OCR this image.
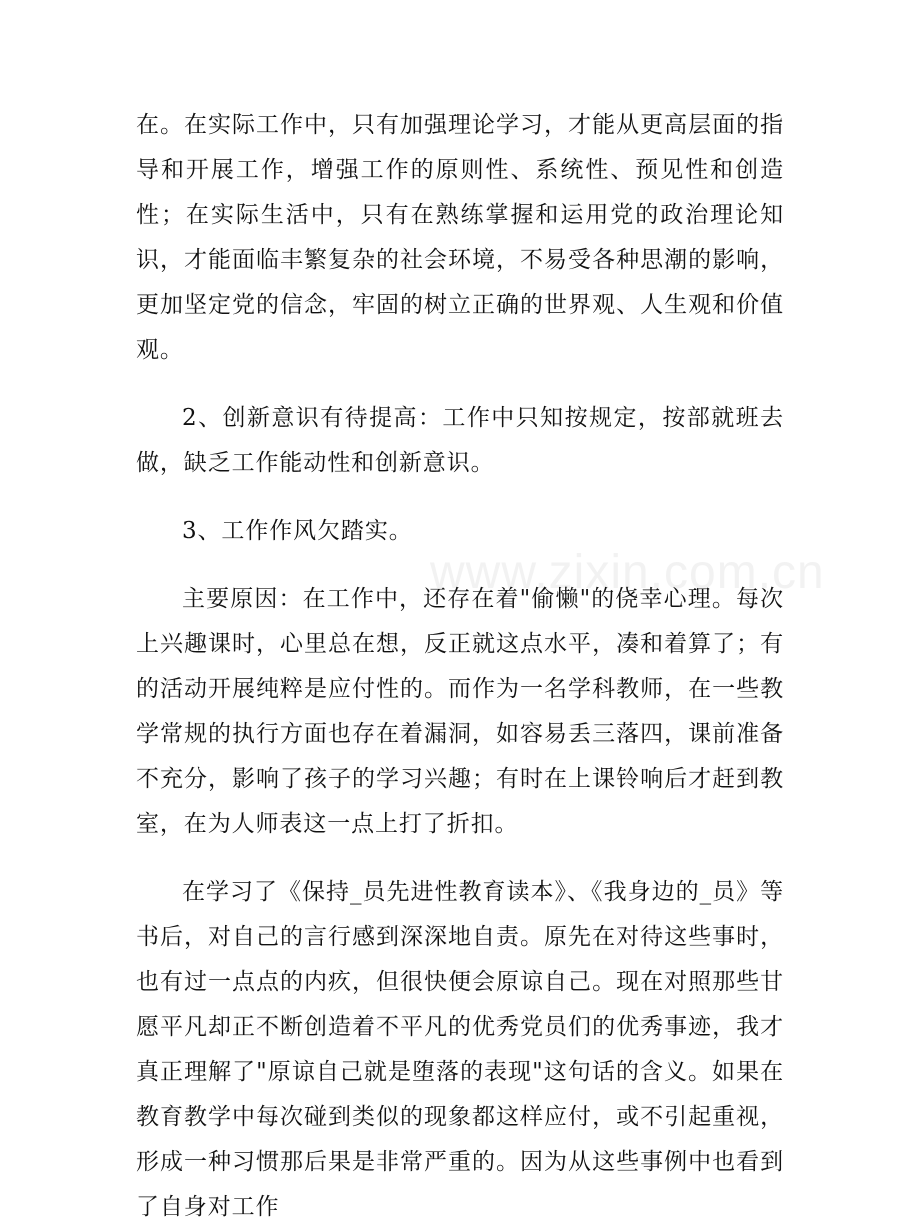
www.zixin.com.cn

在。在实际工作中，只有加强理论学习，才能从更高层面的指导和开展工作，增强工作的原则性、系统性、预见性和创造性；在实际生活中，只有在熟练掌握和运用党的政治理论知识，才能面临丰繁复杂的社会环境，不易受各种思潮的影响，更加坚定党的信念，牢固的树立正确的世界观、人生观和价值观。

2、创新意识有待提高：工作中只知按规定，按部就班去做，缺乏工作能动性和创新意识。

3、工作作风欠踏实。

主要原因：在工作中，还存在着"偷懒"的侥幸心理。每次上兴趣课时，心里总在想，反正就这点水平，凑和着算了；有的活动开展纯粹是应付性的。而作为一名学科教师，在一些教学常规的执行方面也存在着漏洞，如容易丢三落四，课前准备不充分，影响了孩子的学习兴趣；有时在上课铃响后才赶到教室，在为人师表这一点上打了折扣。

在学习了《保持_员先进性教育读本》、《我身边的_员》等书后，对自己的言行感到深深地自责。原先在对待这些事时，也有过一点点的内疚，但很快便会原谅自己。现在对照那些甘愿平凡却正不断创造着不平凡的优秀党员们的优秀事迹，我才真正理解了"原谅自己就是堕落的表现"这句话的含义。如果在教育教学中每次碰到类似的现象都这样应付，或不引起重视，形成一种习惯那后果是非常严重的。因为从这些事例中也看到了自身对工作
